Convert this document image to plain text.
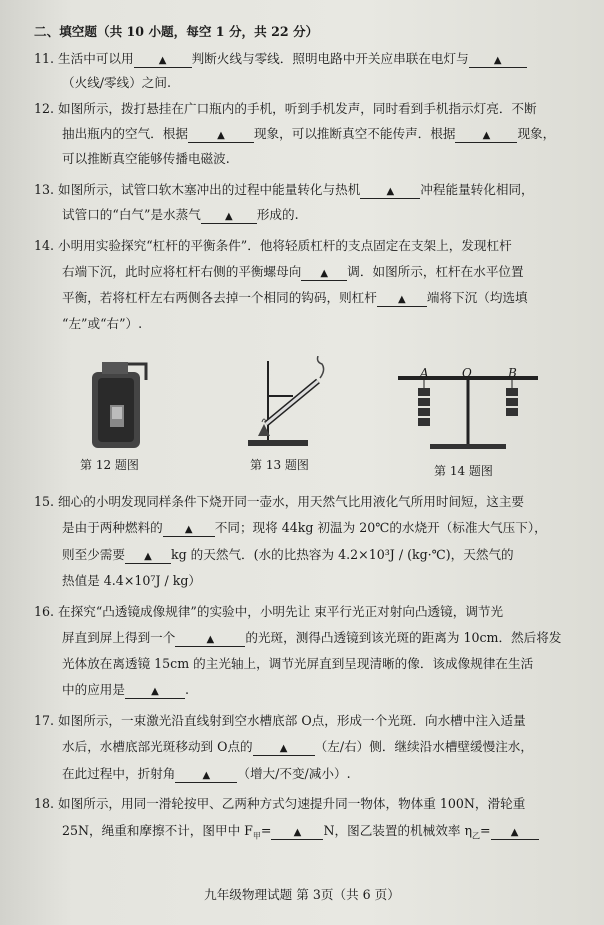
二、填空题（共 10 小题，每空 1 分，共 22 分）
11. 生活中可以用	▲ 判断火线与零线．照明电路中开关应串联在电灯与	▲
（火线/零线）之间.
12. 如图所示，拨打悬挂在广口瓶内的手机，听到手机发声，同时看到手机指示灯亮．不断
抽出瓶内的空气．根据	▲ 现象，可以推断真空不能传声．根据	▲ 现象，
可以推断真空能够传播电磁波.
13. 如图所示，试管口软木塞冲出的过程中能量转化与热机	▲ 冲程能量转化相同，
试管口的“白气”是水蒸气 ▲ 形成的.
14. 小明用实验探究“杠杆的平衡条件”．他将轻质杠杆的支点固定在支架上，发现杠杆
右端下沉，此时应将杠杆右侧的平衡螺母向 ▲ 调．如图所示，杠杆在水平位置
平衡，若将杠杆左右两侧各去掉一个相同的钩码，则杠杆 ▲ 端将下沉（均选填
“左”或“右”）.
第 12 题图	第 13 题图
A	O	B
第 14 题图
15. 细心的小明发现同样条件下烧开同一壶水，用天然气比用液化气所用时间短，这主要
是由于两种燃料的 ▲ 不同；现将 44kg 初温为 20℃的水烧开（标准大气压下），
则至少需要 ▲ kg 的天然气．(水的比热容为 4.2×10³J / (kg·℃)，天然气的
热值是 4.4×10⁷J / kg）
16. 在探究“凸透镜成像规律”的实验中，小明先让 束平行光正对射向凸透镜，调节光
屏直到屏上得到一个	▲ 的光斑，测得凸透镜到该光斑的距离为 10cm．然后将发
光体放在离透镜 15cm 的主光轴上，调节光屏直到呈现清晰的像．该成像规律在生活
中的应用是	▲ .
17. 如图所示，一束激光沿直线射到空水槽底部 O点，形成一个光斑．向水槽中注入适量
水后，水槽底部光斑移动到 O点的	▲ （左/右）侧．继续沿水槽壁缓慢注水，
在此过程中，折射角	▲ （增大/不变/减小）.
18. 如图所示，用同一滑轮按甲、乙两种方式匀速提升同一物体，物体重 100N，滑轮重
25N，绳重和摩擦不计，图甲中 $F_甲=$ ▲ N，图乙装置的机械效率 $\eta_乙=$ ▲
九年级物理试题 第 3页（共 6 页）
